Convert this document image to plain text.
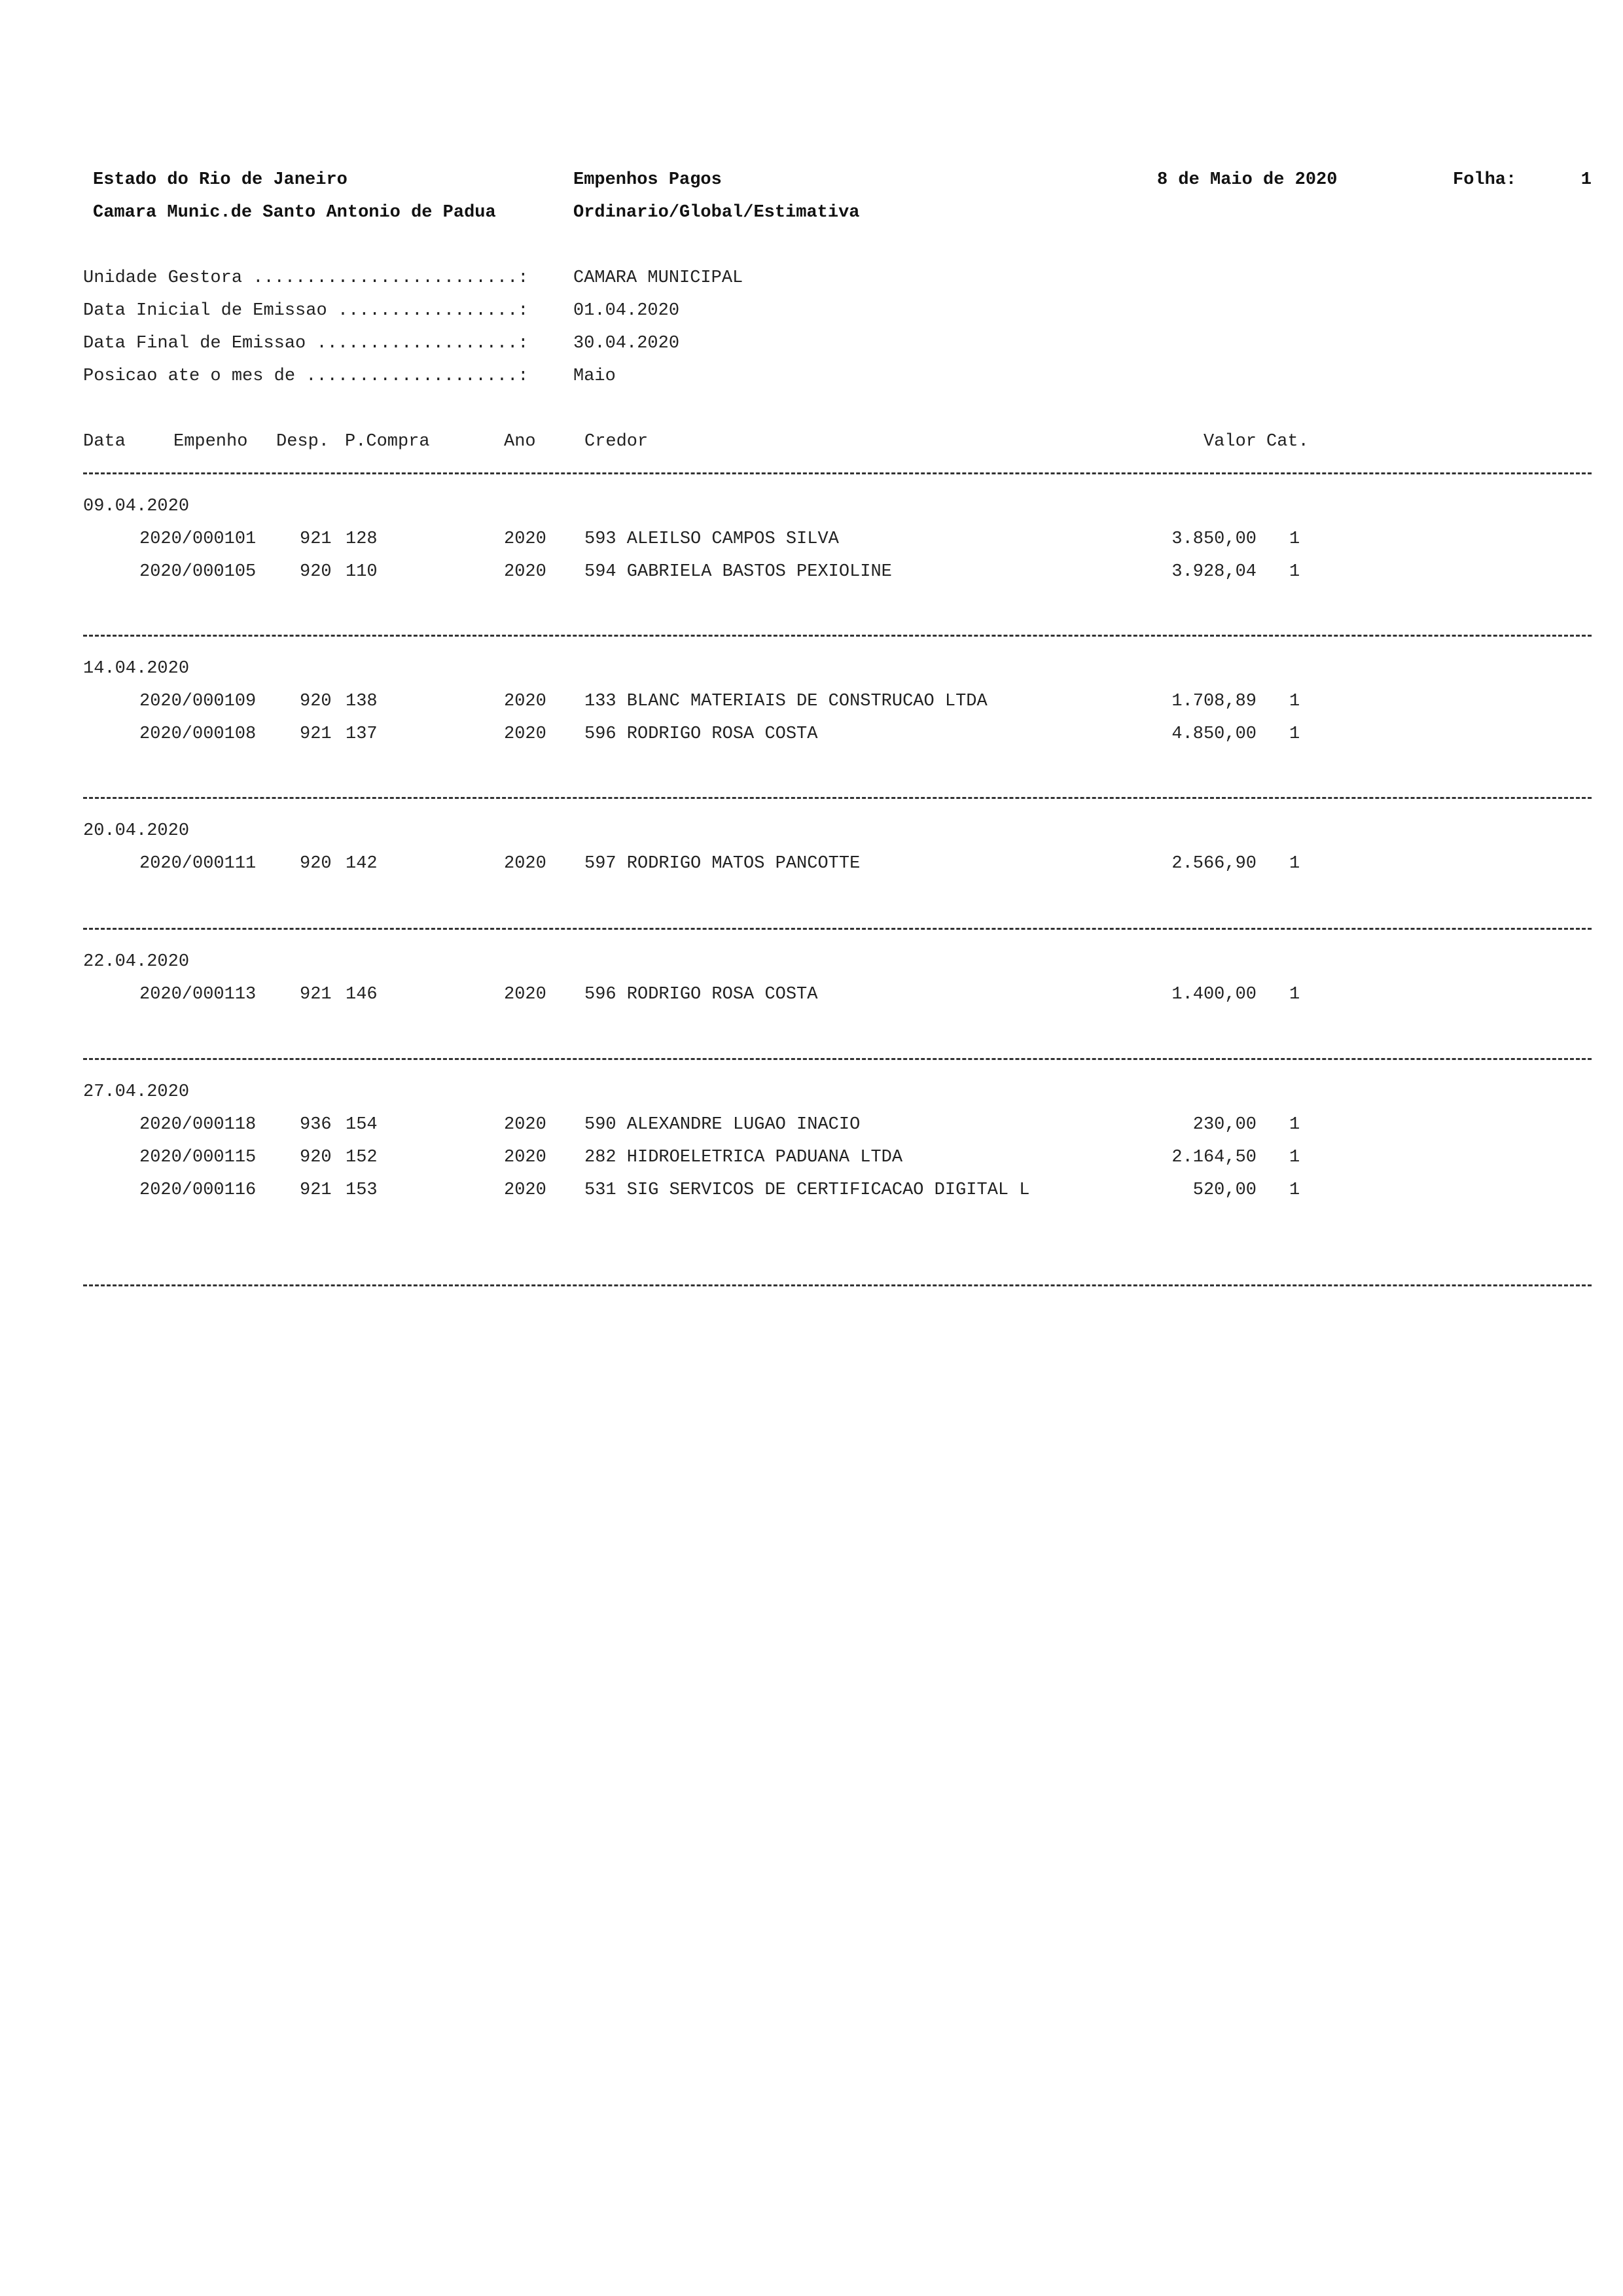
Estado do Rio de Janeiro
Camara Munic.de Santo Antonio de Padua
Empenhos Pagos
Ordinario/Global/Estimativa
8 de Maio de 2020	Folha:	1
Unidade Gestora .........................:	CAMARA MUNICIPAL
Data Inicial de Emissao .................:	01.04.2020
Data Final de Emissao ...................:	30.04.2020
Posicao ate o mes de ....................:	Maio
Data	Empenho Desp. P.Compra	Ano	Credor	Valor Cat.
09.04.2020
2020/000101 921 128	2020 593 ALEILSO CAMPOS SILVA	3.850,00 1
2020/000105 920 110	2020 594 GABRIELA BASTOS PEXIOLINE	3.928,04 1
14.04.2020
2020/000109 920 138	2020 133 BLANC MATERIAIS DE CONSTRUCAO LTDA	1.708,89 1
2020/000108 921 137	2020 596 RODRIGO ROSA COSTA	4.850,00 1
20.04.2020
2020/000111 920 142	2020 597 RODRIGO MATOS PANCOTTE	2.566,90 1
22.04.2020
2020/000113 921 146	2020 596 RODRIGO ROSA COSTA	1.400,00 1
27.04.2020
2020/000118 936 154	2020 590 ALEXANDRE LUGAO INACIO	230,00 1
2020/000115 920 152	2020 282 HIDROELETRICA PADUANA LTDA	2.164,50 1
2020/000116 921 153	2020 531 SIG SERVICOS DE CERTIFICACAO DIGITAL L	520,00 1
